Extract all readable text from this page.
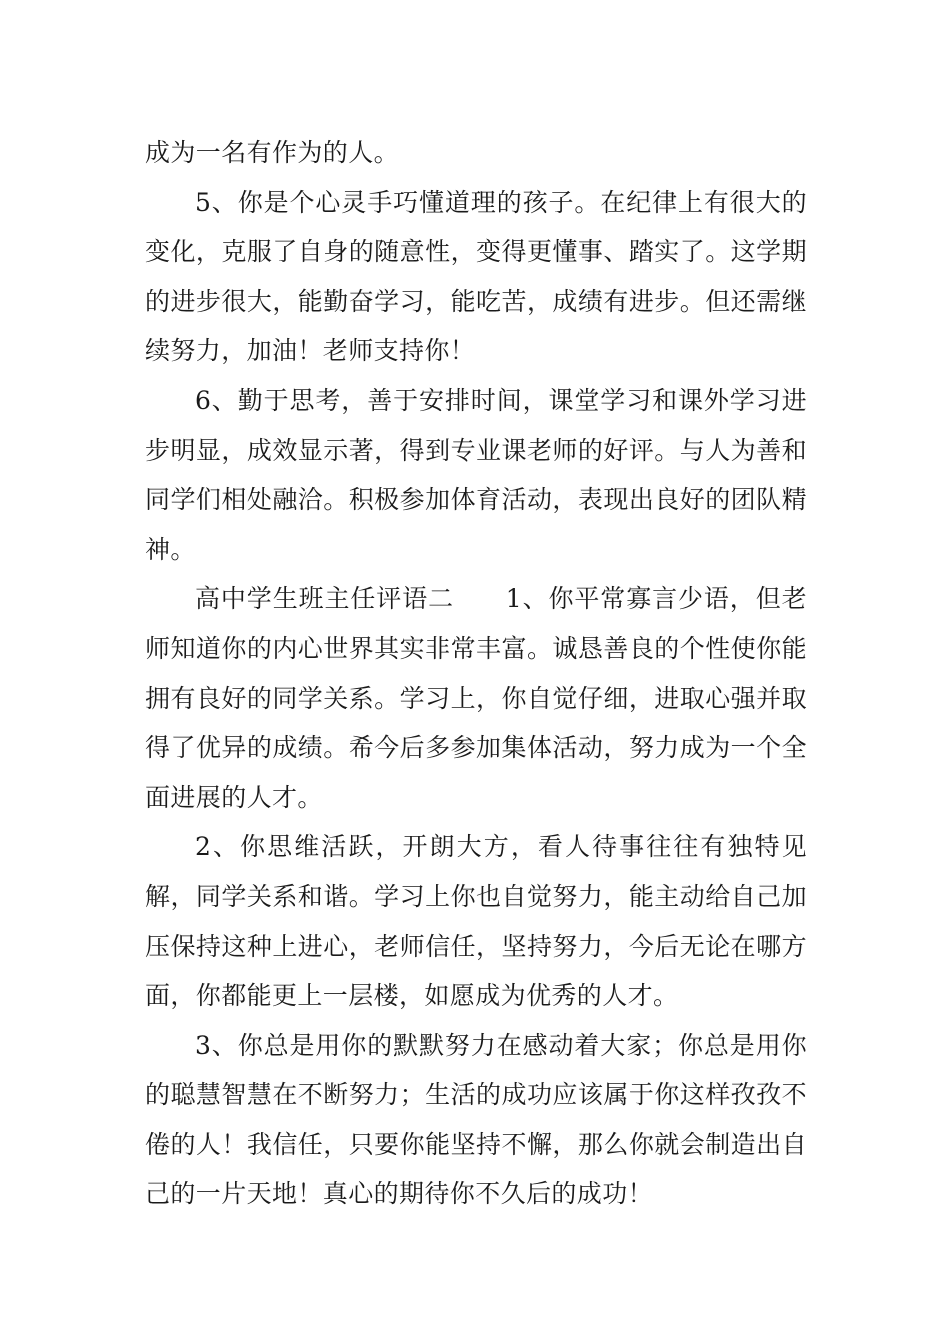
成为一名有作为的人。

5、你是个心灵手巧懂道理的孩子。在纪律上有很大的变化，克服了自身的随意性，变得更懂事、踏实了。这学期的进步很大，能勤奋学习，能吃苦，成绩有进步。但还需继续努力，加油！老师支持你！

6、勤于思考，善于安排时间，课堂学习和课外学习进步明显，成效显示著，得到专业课老师的好评。与人为善和同学们相处融洽。积极参加体育活动，表现出良好的团队精神。

高中学生班主任评语二　　1、你平常寡言少语，但老师知道你的内心世界其实非常丰富。诚恳善良的个性使你能拥有良好的同学关系。学习上，你自觉仔细，进取心强并取得了优异的成绩。希今后多参加集体活动，努力成为一个全面进展的人才。

2、你思维活跃，开朗大方，看人待事往往有独特见解，同学关系和谐。学习上你也自觉努力，能主动给自己加压保持这种上进心，老师信任，坚持努力，今后无论在哪方面，你都能更上一层楼，如愿成为优秀的人才。

3、你总是用你的默默努力在感动着大家；你总是用你的聪慧智慧在不断努力；生活的成功应该属于你这样孜孜不倦的人！我信任，只要你能坚持不懈，那么你就会制造出自己的一片天地！真心的期待你不久后的成功！
